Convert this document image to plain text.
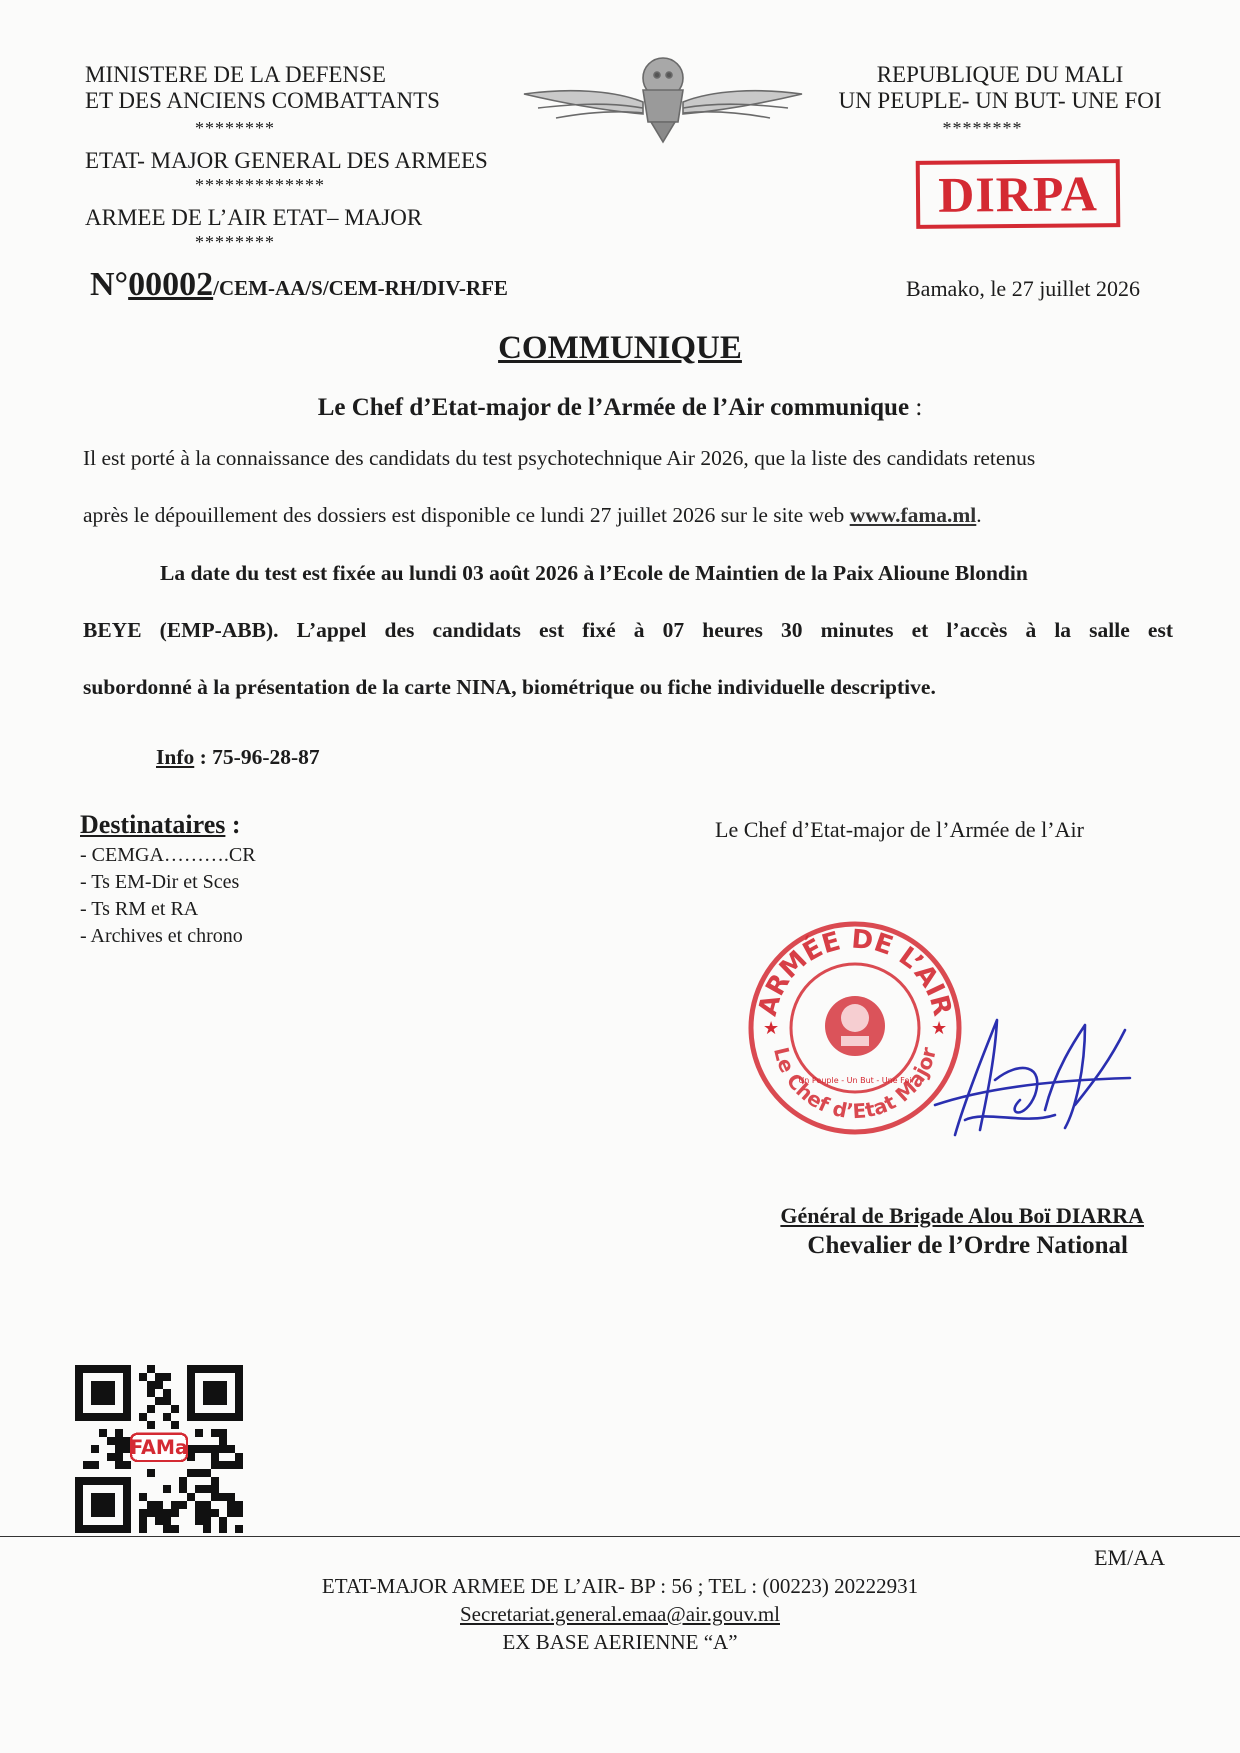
MINISTERE DE LA DEFENSE
ET DES ANCIENS COMBATTANTS
********
ETAT- MAJOR GENERAL DES ARMEES
*************
ARMEE DE L’AIR ETAT– MAJOR
********
REPUBLIQUE DU MALI
UN PEUPLE- UN BUT- UNE FOI
********
DIRPA
N°00002/CEM-AA/S/CEM-RH/DIV-RFE	Bamako, le 27 juillet 2026
COMMUNIQUE
Le Chef d’Etat-major de l’Armée de l’Air communique :
Il est porté à la connaissance des candidats du test psychotechnique Air 2026, que la liste des candidats retenus
après le dépouillement des dossiers est disponible ce lundi 27 juillet 2026 sur le site web www.fama.ml.
La date du test est fixée au lundi 03 août 2026 à l’Ecole de Maintien de la Paix Alioune Blondin
BEYE (EMP-ABB). L’appel des candidats est fixé à 07 heures 30 minutes et l’accès à la salle est
subordonné à la présentation de la carte NINA, biométrique ou fiche individuelle descriptive.
Info : 75-96-28-87
Destinataires :
- CEMGA……….CR
- Ts EM-Dir et Sces
- Ts RM et RA
- Archives et chrono
Le Chef d’Etat-major de l’Armée de l’Air
ARMÉE DE L’AIR
Le Chef d’Etat Major
★	★
Un Peuple - Un But - Une Foi
Général de Brigade Alou Boï DIARRA
Chevalier de l’Ordre National
FAMa
EM/AA
ETAT-MAJOR ARMEE DE L’AIR- BP : 56 ; TEL : (00223) 20222931
Secretariat.general.emaa@air.gouv.ml
EX BASE AERIENNE “A”
